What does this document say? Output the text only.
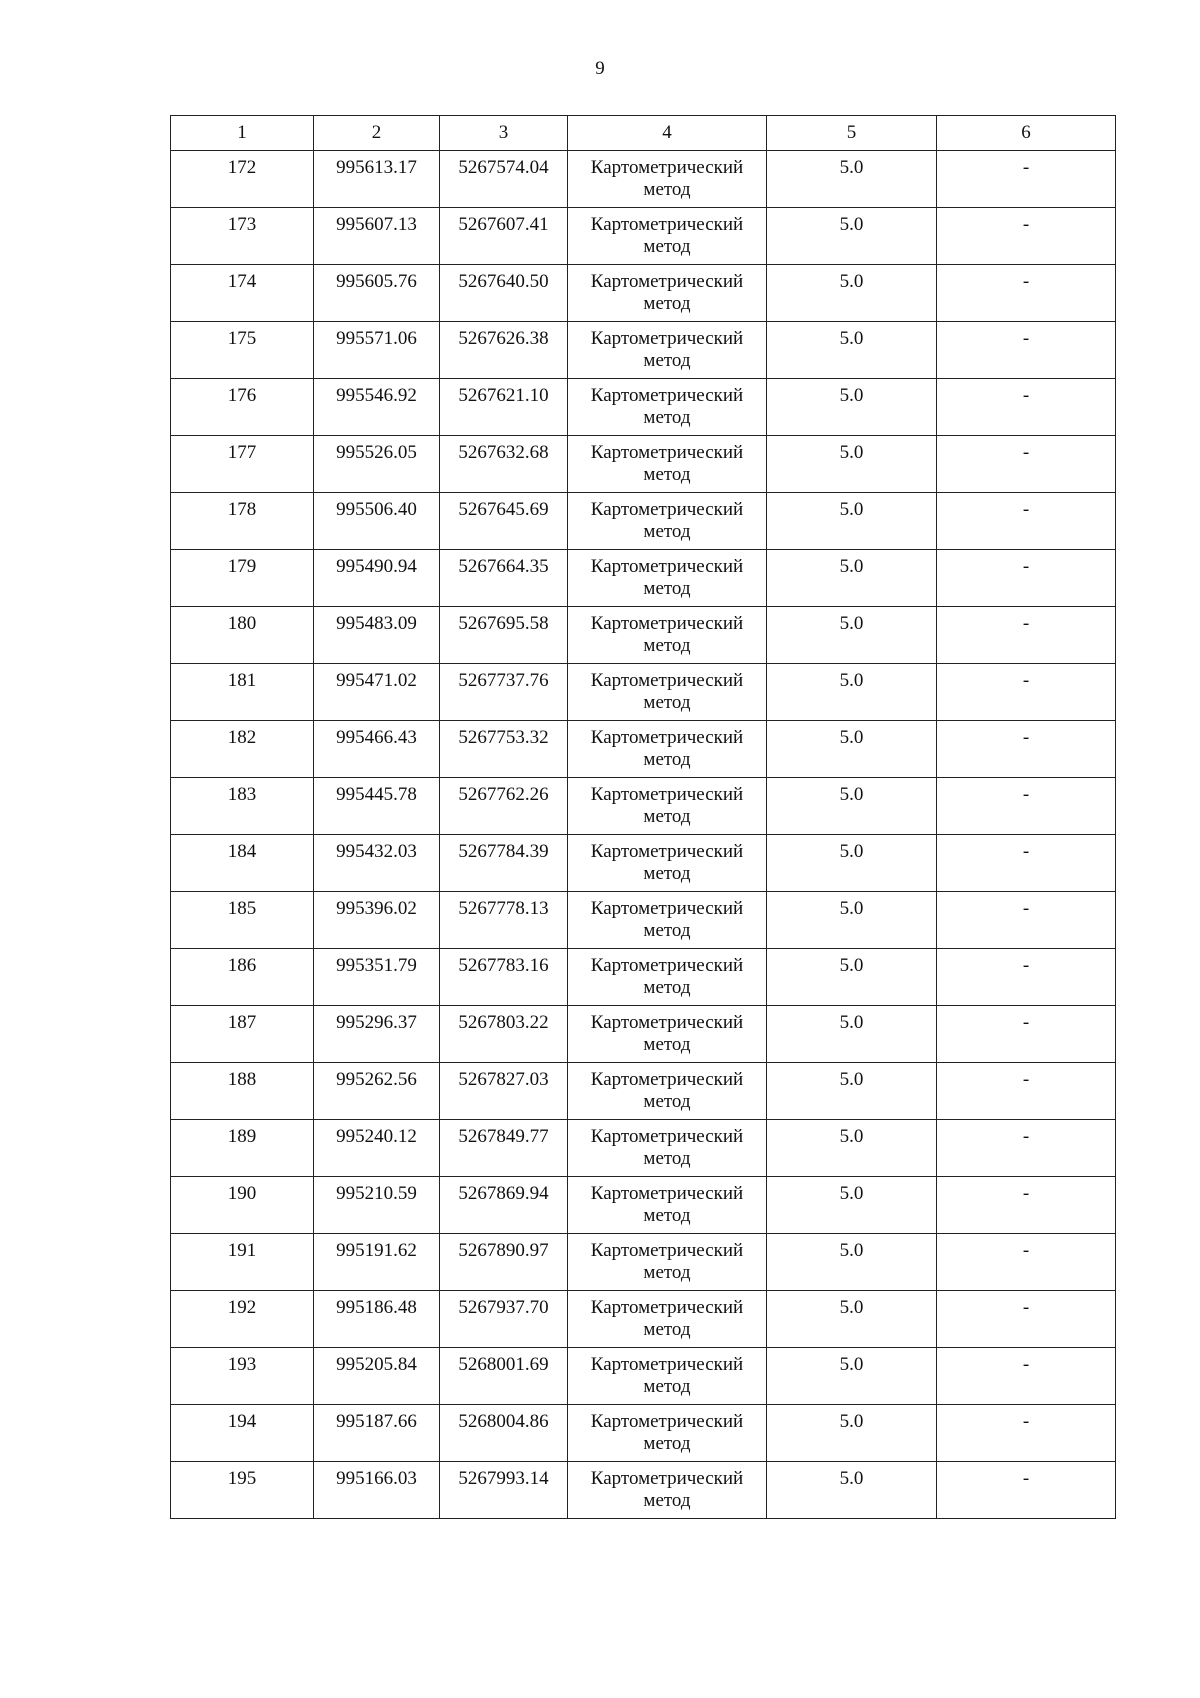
9
1	2	3	4	5	6
172	995613.17	5267574.04	Картометрический метод	5.0	-
173	995607.13	5267607.41	Картометрический метод	5.0	-
174	995605.76	5267640.50	Картометрический метод	5.0	-
175	995571.06	5267626.38	Картометрический метод	5.0	-
176	995546.92	5267621.10	Картометрический метод	5.0	-
177	995526.05	5267632.68	Картометрический метод	5.0	-
178	995506.40	5267645.69	Картометрический метод	5.0	-
179	995490.94	5267664.35	Картометрический метод	5.0	-
180	995483.09	5267695.58	Картометрический метод	5.0	-
181	995471.02	5267737.76	Картометрический метод	5.0	-
182	995466.43	5267753.32	Картометрический метод	5.0	-
183	995445.78	5267762.26	Картометрический метод	5.0	-
184	995432.03	5267784.39	Картометрический метод	5.0	-
185	995396.02	5267778.13	Картометрический метод	5.0	-
186	995351.79	5267783.16	Картометрический метод	5.0	-
187	995296.37	5267803.22	Картометрический метод	5.0	-
188	995262.56	5267827.03	Картометрический метод	5.0	-
189	995240.12	5267849.77	Картометрический метод	5.0	-
190	995210.59	5267869.94	Картометрический метод	5.0	-
191	995191.62	5267890.97	Картометрический метод	5.0	-
192	995186.48	5267937.70	Картометрический метод	5.0	-
193	995205.84	5268001.69	Картометрический метод	5.0	-
194	995187.66	5268004.86	Картометрический метод	5.0	-
195	995166.03	5267993.14	Картометрический метод	5.0	-
